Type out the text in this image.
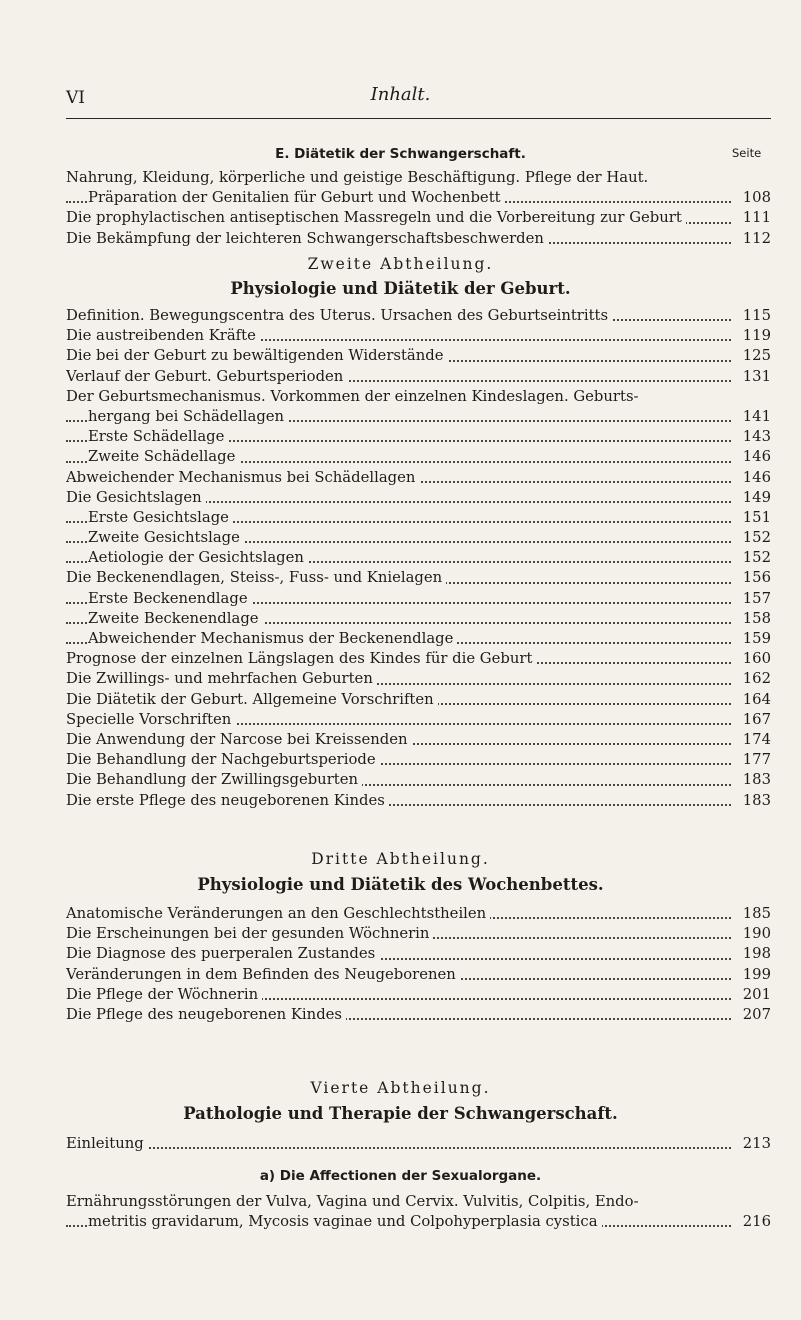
VI	Inhalt.
E. Diätetik der Schwangerschaft.	Seite
Nahrung, Kleidung, körperliche und geistige Beschäftigung. Pflege der Haut.
Präparation der Genitalien für Geburt und Wochenbett	108
Die prophylactischen antiseptischen Massregeln und die Vorbereitung zur Geburt	111
Die Bekämpfung der leichteren Schwangerschaftsbeschwerden	112
Zweite Abtheilung.
Physiologie und Diätetik der Geburt.
Definition. Bewegungscentra des Uterus. Ursachen des Geburtseintritts	115
Die austreibenden Kräfte	119
Die bei der Geburt zu bewältigenden Widerstände	125
Verlauf der Geburt. Geburtsperioden	131
Der Geburtsmechanismus. Vorkommen der einzelnen Kindeslagen. Geburts-
hergang bei Schädellagen	141
Erste Schädellage	143
Zweite Schädellage	146
Abweichender Mechanismus bei Schädellagen	146
Die Gesichtslagen	149
Erste Gesichtslage	151
Zweite Gesichtslage	152
Aetiologie der Gesichtslagen	152
Die Beckenendlagen, Steiss-, Fuss- und Knielagen	156
Erste Beckenendlage	157
Zweite Beckenendlage	158
Abweichender Mechanismus der Beckenendlage	159
Prognose der einzelnen Längslagen des Kindes für die Geburt	160
Die Zwillings- und mehrfachen Geburten	162
Die Diätetik der Geburt. Allgemeine Vorschriften	164
Specielle Vorschriften	167
Die Anwendung der Narcose bei Kreissenden	174
Die Behandlung der Nachgeburtsperiode	177
Die Behandlung der Zwillingsgeburten	183
Die erste Pflege des neugeborenen Kindes	183
Dritte Abtheilung.
Physiologie und Diätetik des Wochenbettes.
Anatomische Veränderungen an den Geschlechtstheilen	185
Die Erscheinungen bei der gesunden Wöchnerin	190
Die Diagnose des puerperalen Zustandes	198
Veränderungen in dem Befinden des Neugeborenen	199
Die Pflege der Wöchnerin	201
Die Pflege des neugeborenen Kindes	207
Vierte Abtheilung.
Pathologie und Therapie der Schwangerschaft.
Einleitung	213
a) Die Affectionen der Sexualorgane.
Ernährungsstörungen der Vulva, Vagina und Cervix. Vulvitis, Colpitis, Endo-
metritis gravidarum, Mycosis vaginae und Colpohyperplasia cystica	216
